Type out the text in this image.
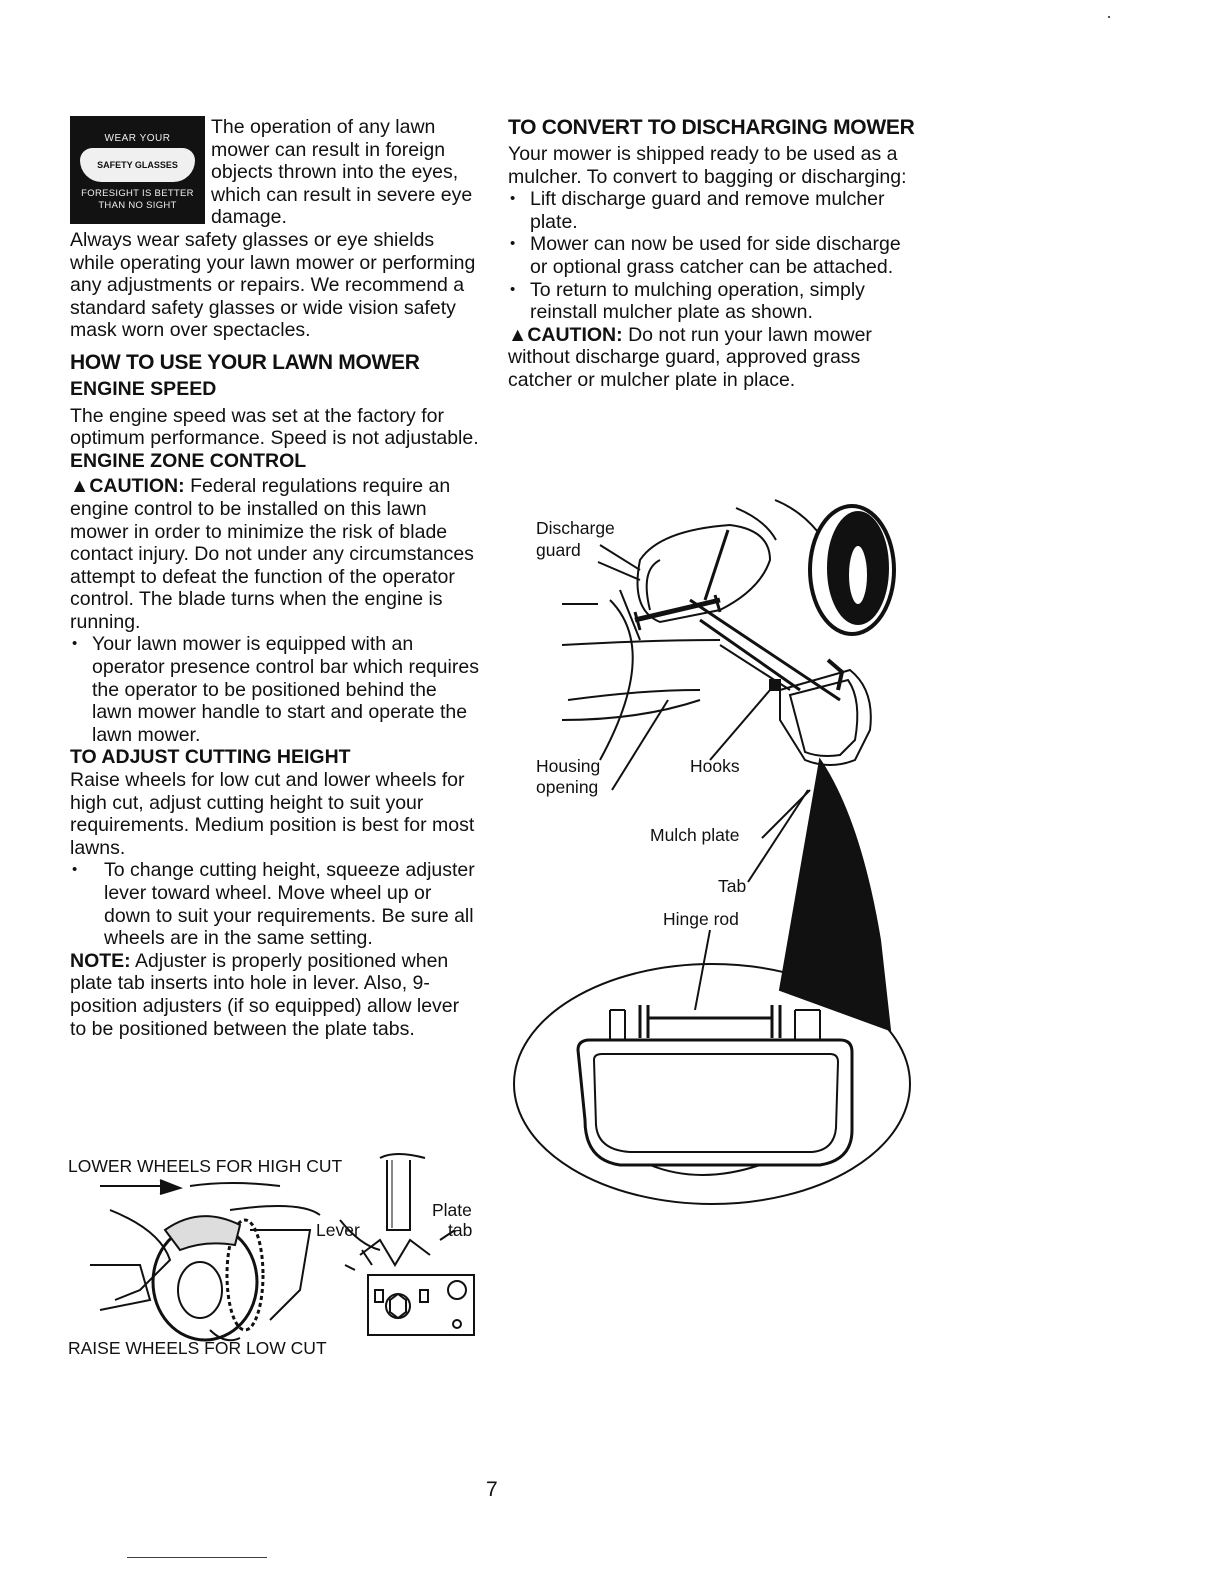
WEAR YOUR
SAFETY GLASSES
FORESIGHT IS BETTER THAN NO SIGHT

The operation of any lawn mower can result in foreign objects thrown into the eyes, which can result in severe eye damage.

Always wear safety glasses or eye shields while operating your lawn mower or performing any adjustments or repairs. We recommend a standard safety glasses or wide vision safety mask worn over spectacles.

HOW TO USE YOUR LAWN MOWER
ENGINE SPEED

The engine speed was set at the factory for optimum performance. Speed is not adjustable.

ENGINE ZONE CONTROL

▲CAUTION: Federal regulations require an engine control to be installed on this lawn mower in order to minimize the risk of blade contact injury. Do not under any circumstances attempt to defeat the function of the operator control. The blade turns when the engine is running.

• Your lawn mower is equipped with an operator presence control bar which requires the operator to be positioned behind the lawn mower handle to start and operate the lawn mower.

TO ADJUST CUTTING HEIGHT

Raise wheels for low cut and lower wheels for high cut, adjust cutting height to suit your requirements. Medium position is best for most lawns.

• To change cutting height, squeeze adjuster lever toward wheel. Move wheel up or down to suit your requirements. Be sure all wheels are in the same setting.

NOTE: Adjuster is properly positioned when plate tab inserts into hole in lever. Also, 9-position adjusters (if so equipped) allow lever to be positioned between the plate tabs.

LOWER WHEELS FOR HIGH CUT
RAISE WHEELS FOR LOW CUT
Lever
Plate
tab
TO CONVERT TO DISCHARGING MOWER

Your mower is shipped ready to be used as a mulcher. To convert to bagging or discharging:

• Lift discharge guard and remove mulcher plate.

• Mower can now be used for side discharge or optional grass catcher can be attached.

• To return to mulching operation, simply reinstall mulcher plate as shown.

▲CAUTION: Do not run your lawn mower without discharge guard, approved grass catcher or mulcher plate in place.

Discharge
guard
Housing
opening
Hooks
Mulch plate
Tab
Hinge rod
7
